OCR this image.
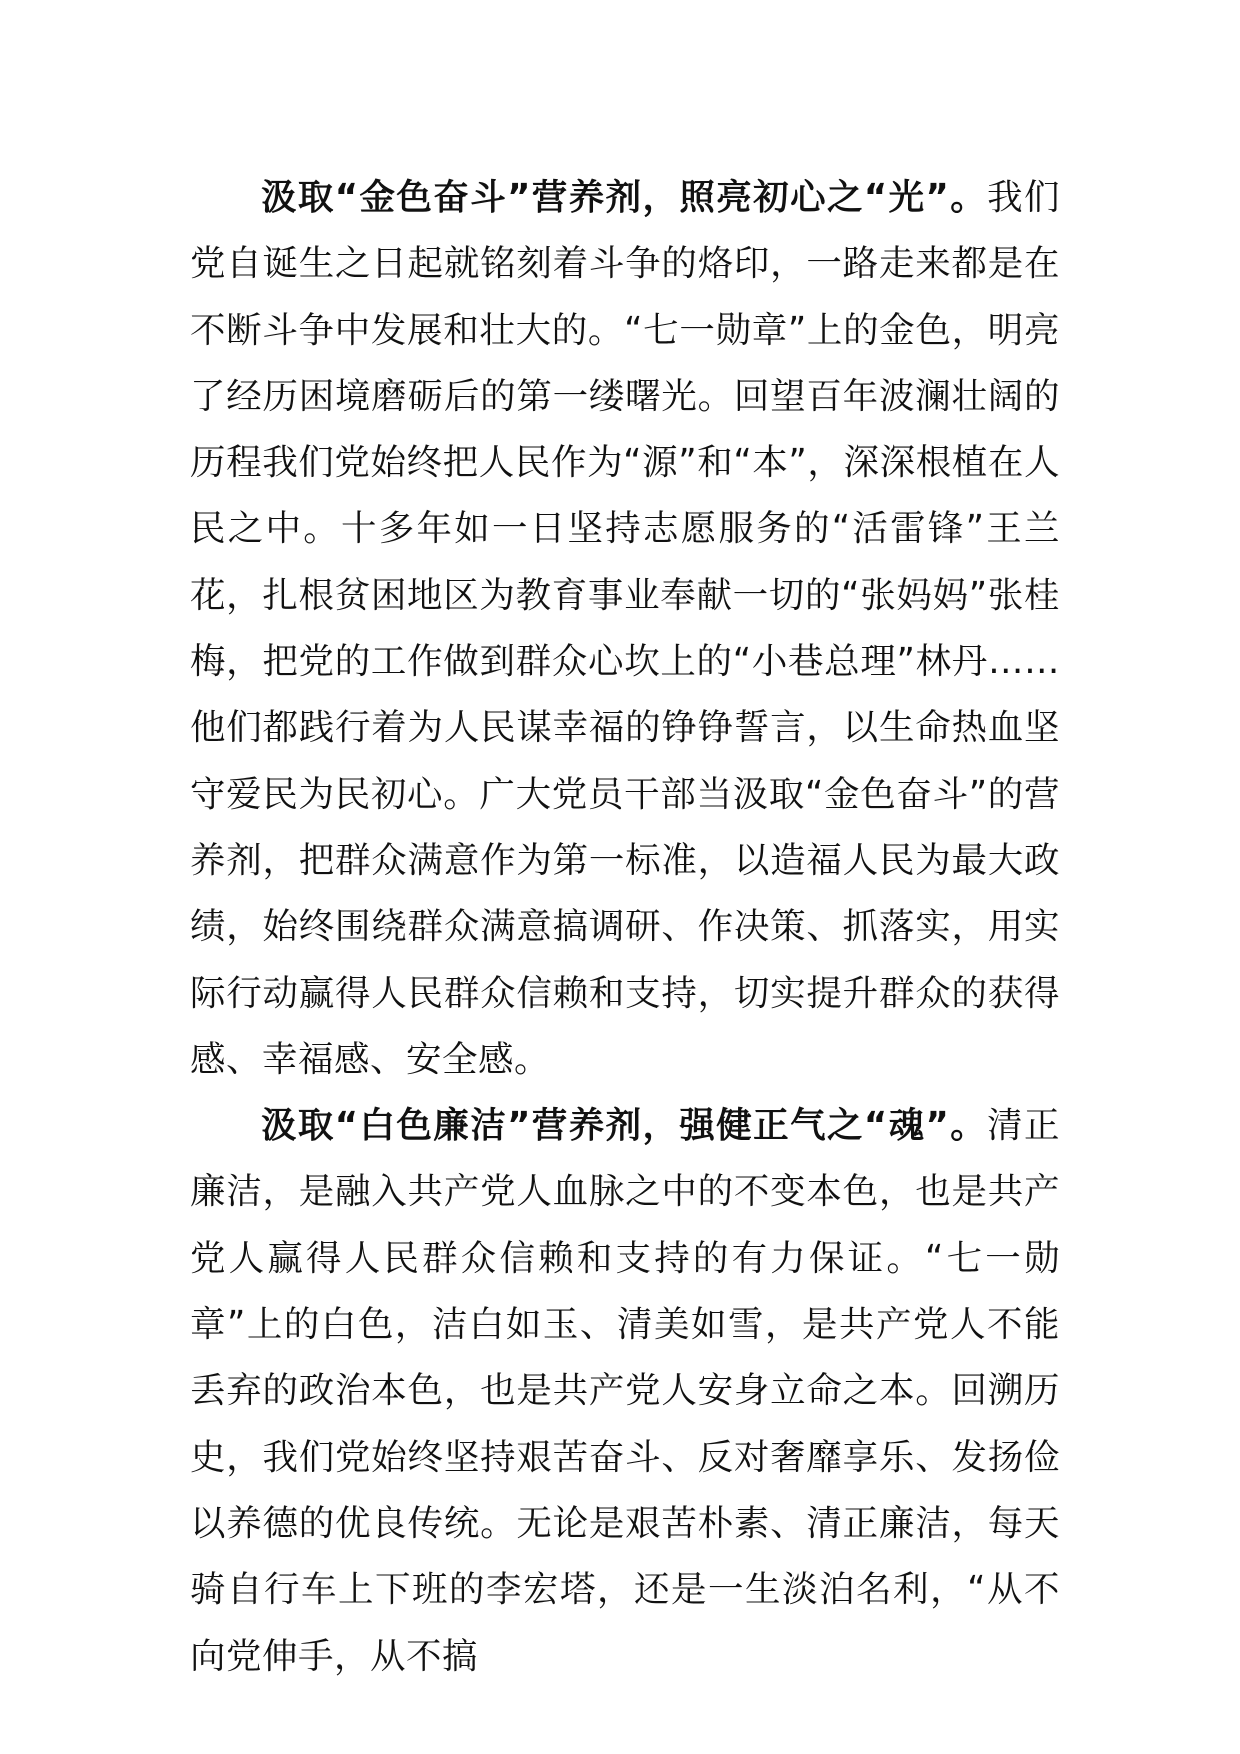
汲取“金色奋斗”营养剂，照亮初心之“光”。我们党自诞生之日起就铭刻着斗争的烙印，一路走来都是在不断斗争中发展和壮大的。“七一勋章”上的金色，明亮了经历困境磨砺后的第一缕曙光。回望百年波澜壮阔的历程我们党始终把人民作为“源”和“本”，深深根植在人民之中。十多年如一日坚持志愿服务的“活雷锋”王兰花，扎根贫困地区为教育事业奉献一切的“张妈妈”张桂梅，把党的工作做到群众心坎上的“小巷总理”林丹……他们都践行着为人民谋幸福的铮铮誓言，以生命热血坚守爱民为民初心。广大党员干部当汲取“金色奋斗”的营养剂，把群众满意作为第一标准，以造福人民为最大政绩，始终围绕群众满意搞调研、作决策、抓落实，用实际行动赢得人民群众信赖和支持，切实提升群众的获得感、幸福感、安全感。

汲取“白色廉洁”营养剂，强健正气之“魂”。清正廉洁，是融入共产党人血脉之中的不变本色，也是共产党人赢得人民群众信赖和支持的有力保证。“七一勋章”上的白色，洁白如玉、清美如雪，是共产党人不能丢弃的政治本色，也是共产党人安身立命之本。回溯历史，我们党始终坚持艰苦奋斗、反对奢靡享乐、发扬俭以养德的优良传统。无论是艰苦朴素、清正廉洁，每天骑自行车上下班的李宏塔，还是一生淡泊名利，“从不向党伸手，从不搞
